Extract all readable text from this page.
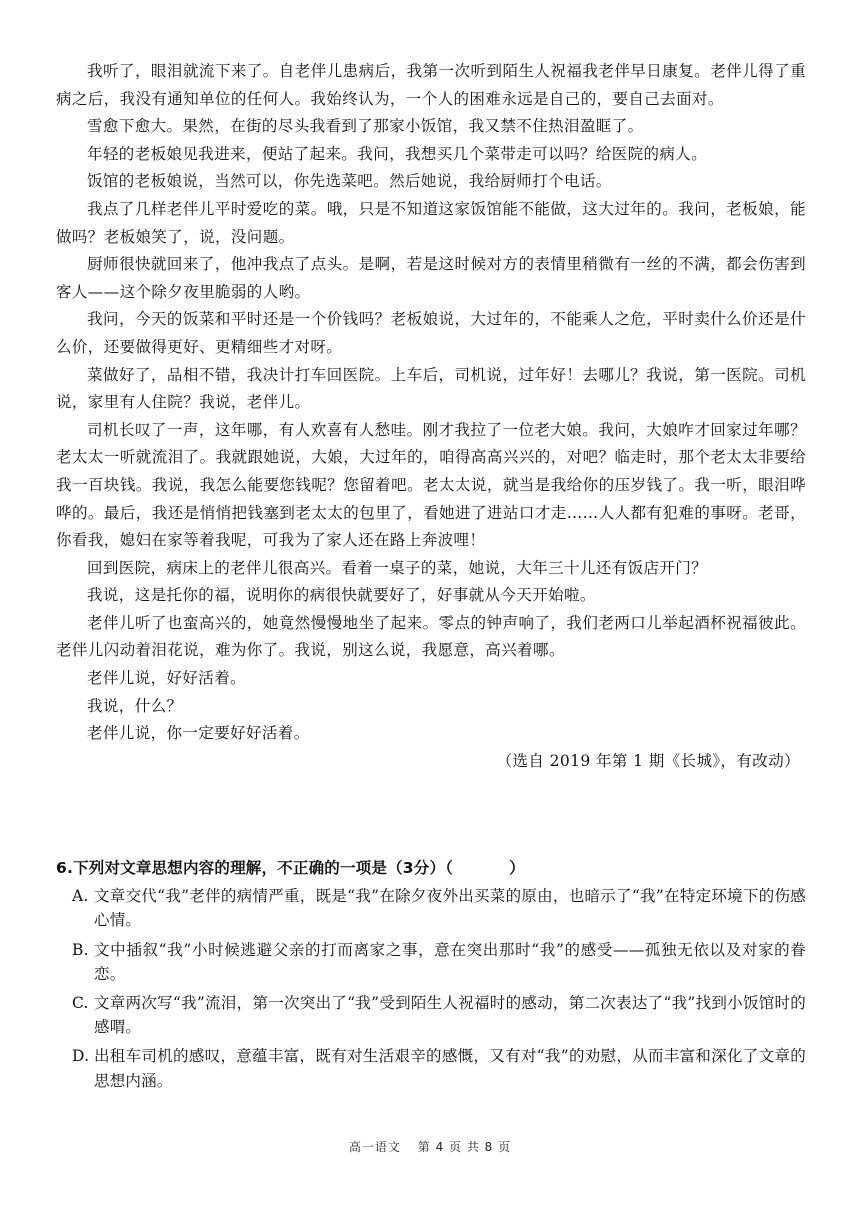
我听了，眼泪就流下来了。自老伴儿患病后，我第一次听到陌生人祝福我老伴早日康复。老伴儿得了重病之后，我没有通知单位的任何人。我始终认为，一个人的困难永远是自己的，要自己去面对。

雪愈下愈大。果然，在街的尽头我看到了那家小饭馆，我又禁不住热泪盈眶了。

年轻的老板娘见我进来，便站了起来。我问，我想买几个菜带走可以吗？给医院的病人。

饭馆的老板娘说，当然可以，你先选菜吧。然后她说，我给厨师打个电话。

我点了几样老伴儿平时爱吃的菜。哦，只是不知道这家饭馆能不能做，这大过年的。我问，老板娘，能做吗？老板娘笑了，说，没问题。

厨师很快就回来了，他冲我点了点头。是啊，若是这时候对方的表情里稍微有一丝的不满，都会伤害到客人——这个除夕夜里脆弱的人哟。

我问，今天的饭菜和平时还是一个价钱吗？老板娘说，大过年的，不能乘人之危，平时卖什么价还是什么价，还要做得更好、更精细些才对呀。

菜做好了，品相不错，我决计打车回医院。上车后，司机说，过年好！去哪儿？我说，第一医院。司机说，家里有人住院？我说，老伴儿。

司机长叹了一声，这年哪，有人欢喜有人愁哇。刚才我拉了一位老大娘。我问，大娘咋才回家过年哪？老太太一听就流泪了。我就跟她说，大娘，大过年的，咱得高高兴兴的，对吧？临走时，那个老太太非要给我一百块钱。我说，我怎么能要您钱呢？您留着吧。老太太说，就当是我给你的压岁钱了。我一听，眼泪哗哗的。最后，我还是悄悄把钱塞到老太太的包里了，看她进了进站口才走……人人都有犯难的事呀。老哥，你看我，媳妇在家等着我呢，可我为了家人还在路上奔波哩！

回到医院，病床上的老伴儿很高兴。看着一桌子的菜，她说，大年三十儿还有饭店开门？

我说，这是托你的福，说明你的病很快就要好了，好事就从今天开始啦。

老伴儿听了也蛮高兴的，她竟然慢慢地坐了起来。零点的钟声响了，我们老两口儿举起酒杯祝福彼此。老伴儿闪动着泪花说，难为你了。我说，别这么说，我愿意，高兴着哪。

老伴儿说，好好活着。

我说，什么？

老伴儿说，你一定要好好活着。

（选自 2019 年第 1 期《长城》，有改动）

6.下列对文章思想内容的理解，不正确的一项是（3分）（	）
A. 文章交代“我”老伴的病情严重，既是“我”在除夕夜外出买菜的原由，也暗示了“我”在特定环境下的伤感心情。
B. 文中插叙“我”小时候逃避父亲的打而离家之事，意在突出那时“我”的感受——孤独无依以及对家的眷恋。
C. 文章两次写“我”流泪，第一次突出了“我”受到陌生人祝福时的感动，第二次表达了“我”找到小饭馆时的感喟。
D. 出租车司机的感叹，意蕴丰富，既有对生活艰辛的感慨，又有对“我”的劝慰，从而丰富和深化了文章的思想内涵。
高一语文 第 4 页 共 8 页
